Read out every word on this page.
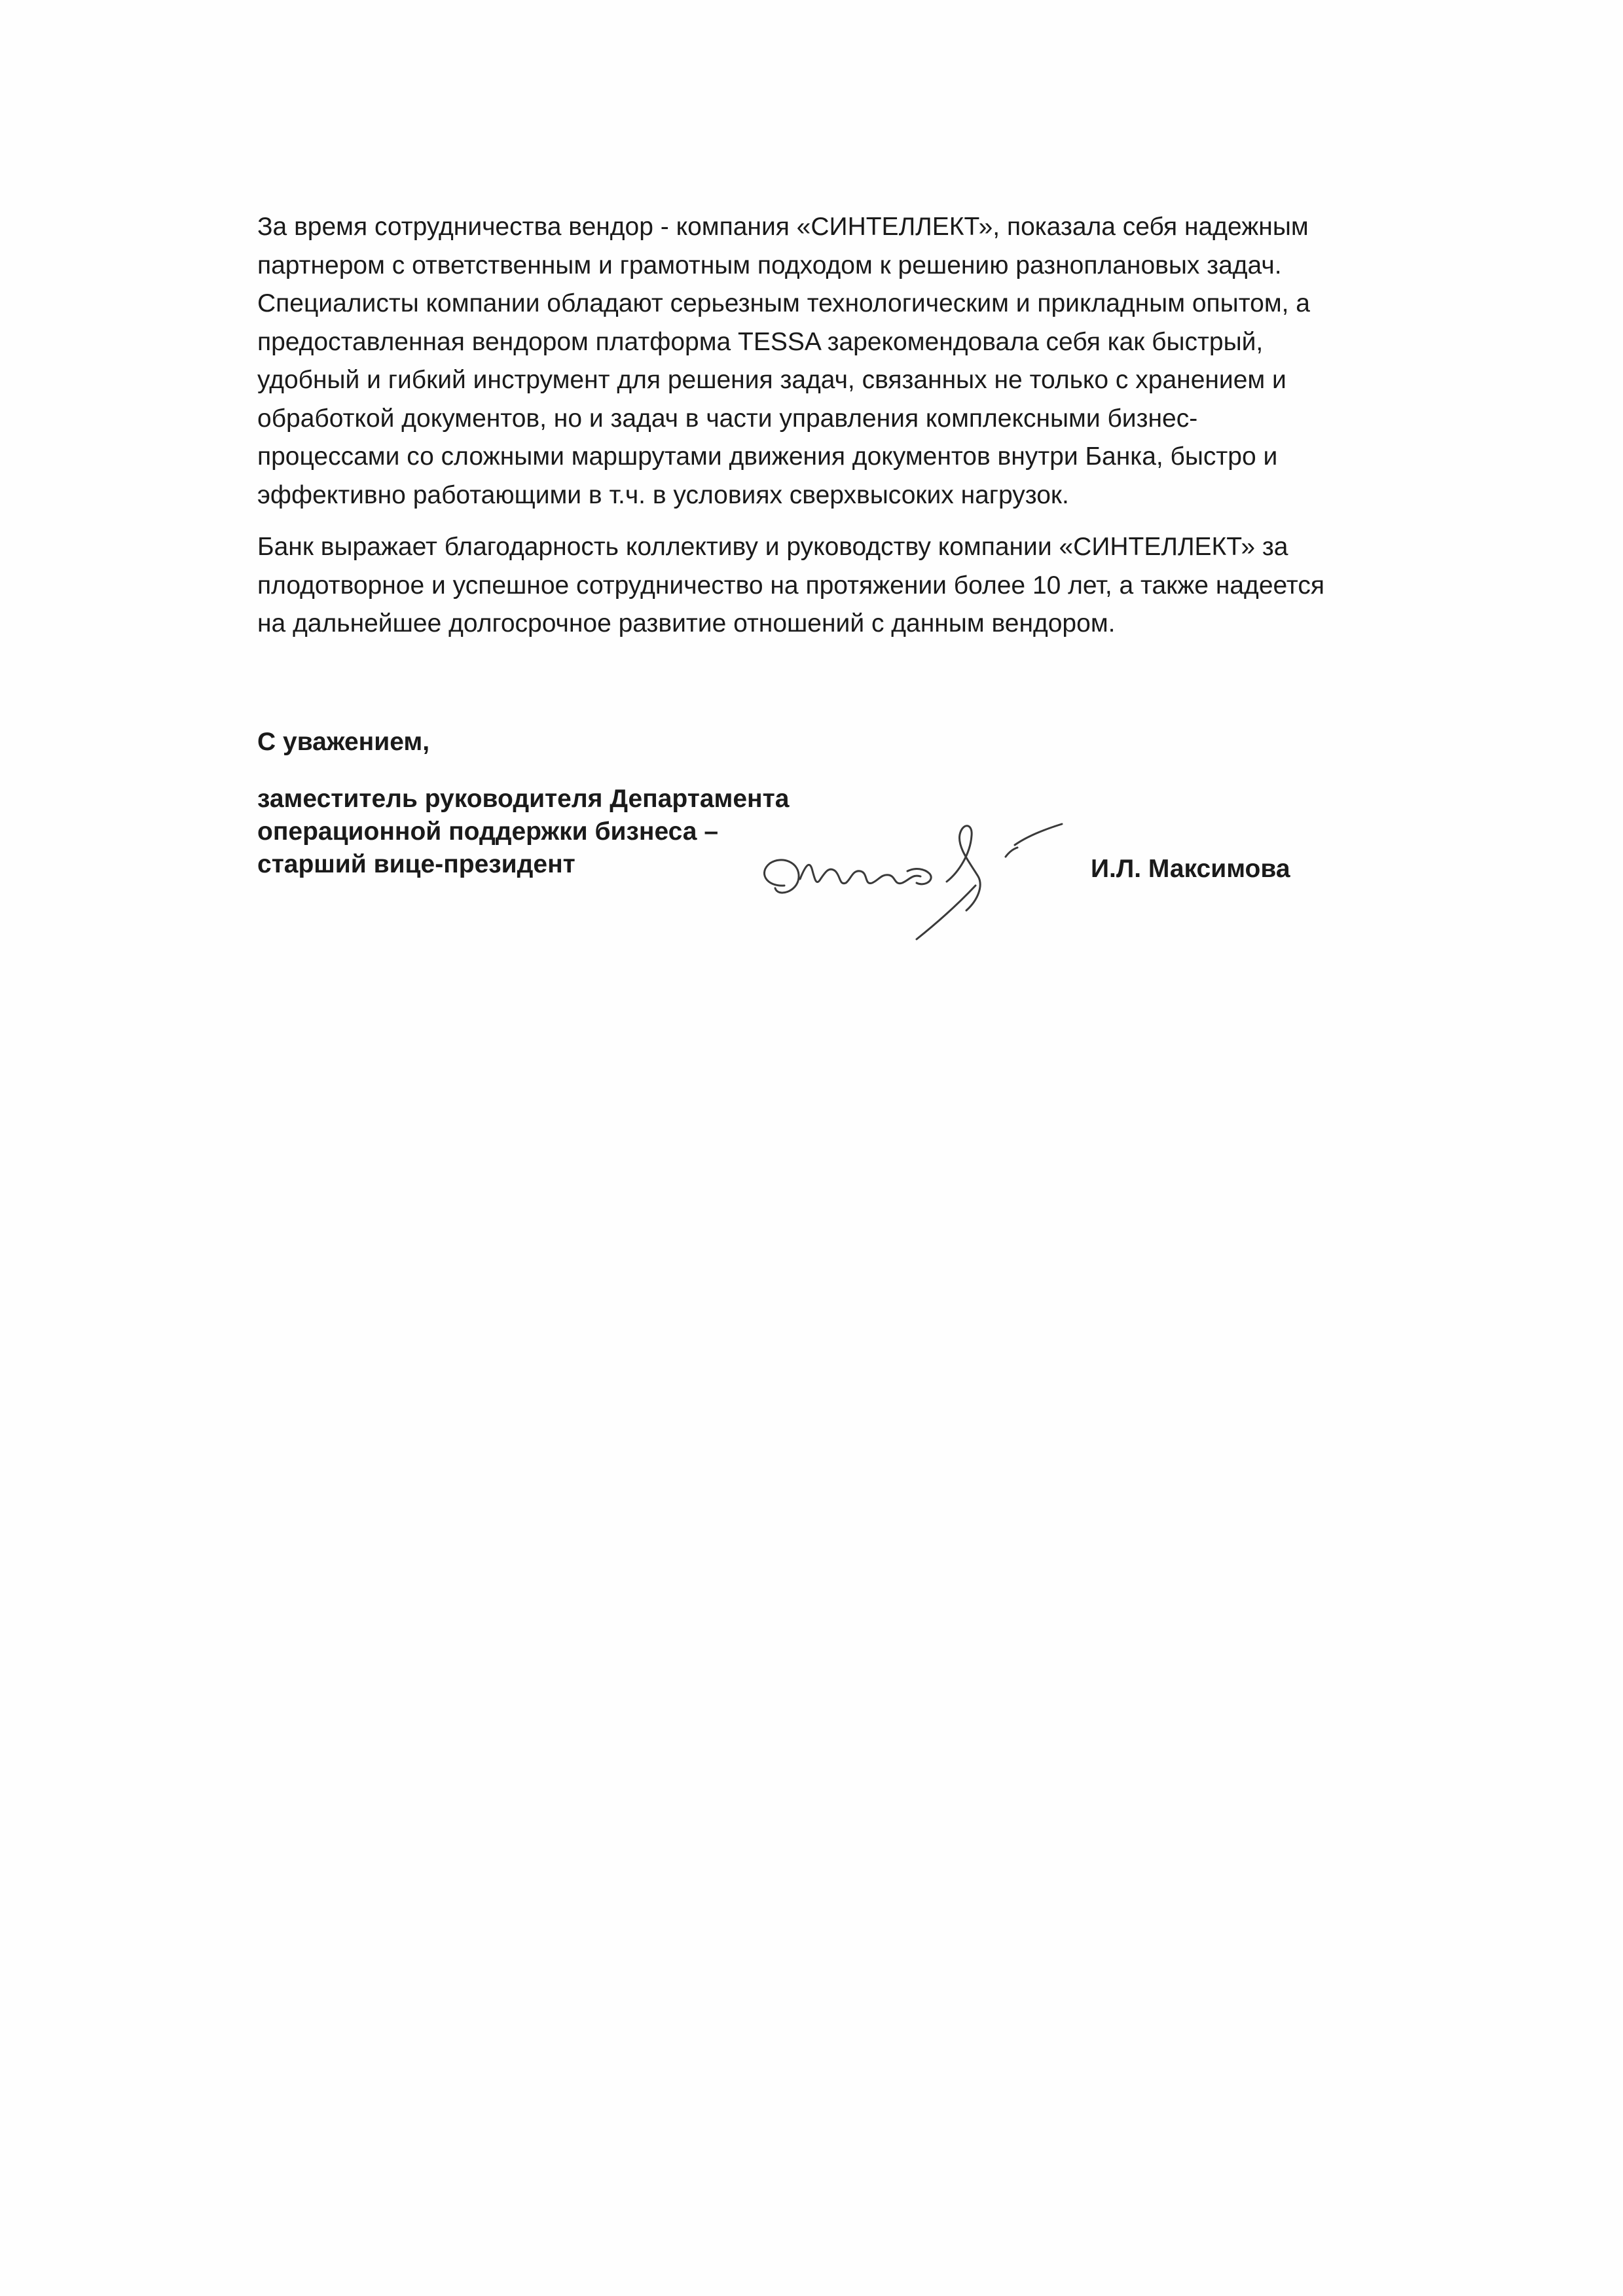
За время сотрудничества вендор - компания «СИНТЕЛЛЕКТ», показала себя надежным
партнером с ответственным и грамотным подходом к решению разноплановых задач.
Специалисты компании обладают серьезным технологическим и прикладным опытом, а
предоставленная вендором платформа TESSA зарекомендовала себя как быстрый,
удобный и гибкий инструмент для решения задач, связанных не только с хранением и
обработкой документов, но и задач в части управления комплексными бизнес-
процессами со сложными маршрутами движения документов внутри Банка, быстро и
эффективно работающими в т.ч. в условиях сверхвысоких нагрузок.
Банк выражает благодарность коллективу и руководству компании «СИНТЕЛЛЕКТ» за
плодотворное и успешное сотрудничество на протяжении более 10 лет, а также надеется
на дальнейшее долгосрочное развитие отношений с данным вендором.
С уважением,
заместитель руководителя Департамента
операционной поддержки бизнеса –
старший вице-президент	И.Л. Максимова
